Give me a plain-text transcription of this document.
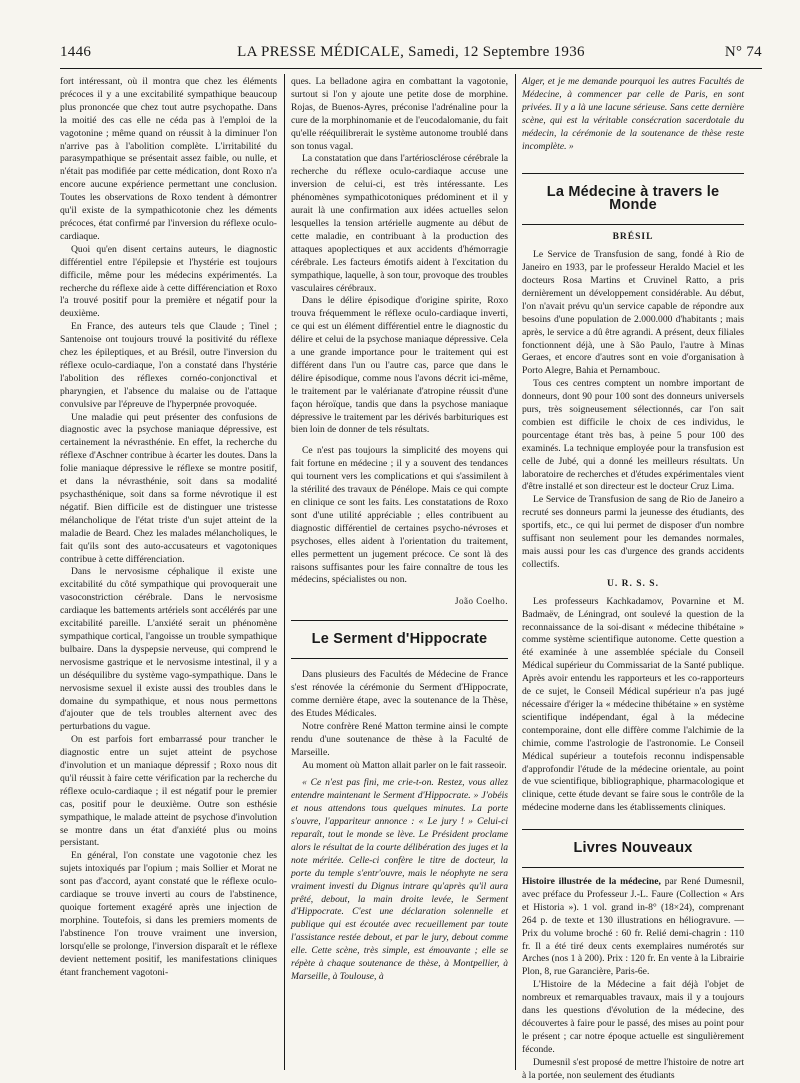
1446	LA PRESSE MÉDICALE, Samedi, 12 Septembre 1936	N° 74

fort intéressant, où il montra que chez les éléments précoces il y a une excitabilité sympathique beaucoup plus prononcée que chez tout autre psychopathe. Dans la moitié des cas elle ne céda pas à l'emploi de la vagotonine ; même quand on réussit à la diminuer l'on n'arrive pas à l'abolition complète. L'irritabilité du parasympathique se présentait assez faible, ou nulle, et n'était pas modifiée par cette médication, dont Roxo n'a encore aucune expérience permettant une conclusion. Toutes les observations de Roxo tendent à démontrer qu'il existe de la sympathicotonie chez les déments précoces, état confirmé par l'inversion du réflexe oculo-cardiaque.

Quoi qu'en disent certains auteurs, le diagnostic différentiel entre l'épilepsie et l'hystérie est toujours difficile, même pour les médecins expérimentés. La recherche du réflexe aide à cette différenciation et Roxo l'a trouvé positif pour la première et négatif pour la deuxième.

En France, des auteurs tels que Claude ; Tinel ; Santenoise ont toujours trouvé la positivité du réflexe chez les épileptiques, et au Brésil, outre l'inversion du réflexe oculo-cardiaque, l'on a constaté dans l'hystérie l'abolition des réflexes cornéo-conjonctival et pharyngien, et l'absence du malaise ou de l'attaque convulsive par l'épreuve de l'hyperpnée provoquée.

Une maladie qui peut présenter des confusions de diagnostic avec la psychose maniaque dépressive, est certainement la névrasthénie. En effet, la recherche du réflexe d'Aschner contribue à écarter les doutes. Dans la folie maniaque dépressive le réflexe se montre positif, et dans la névrasthénie, soit dans sa modalité psychasthénique, soit dans sa forme névrotique il est négatif. Bien difficile est de distinguer une tristesse mélancholique de l'état triste d'un sujet atteint de la maladie de Beard. Chez les malades mélancholiques, le fait qu'ils sont des auto-accusateurs et vagotoniques contribue à cette différenciation.

Dans le nervosisme céphalique il existe une excitabilité du côté sympathique qui provoquerait une vasoconstriction cérébrale. Dans le nervosisme cardiaque les battements artériels sont accélérés par une excitabilité pareille. L'anxiété serait un phénomène sympathique cortical, l'angoisse un trouble sympathique bulbaire. Dans la dyspepsie nerveuse, qui comprend le nervosisme gastrique et le nervosisme intestinal, il y a un déséquilibre du système vago-sympathique. Dans le nervosisme sexuel il existe aussi des troubles dans le domaine du sympathique, et nous nous permettons d'ajouter que de tels troubles alternent avec des perturbations du vague.

On est parfois fort embarrassé pour trancher le diagnostic entre un sujet atteint de psychose d'involution et un maniaque dépressif ; Roxo nous dit qu'il réussit à faire cette vérification par la recherche du réflexe oculo-cardiaque ; il est négatif pour le premier cas, positif pour le deuxième. Outre son esthésie sympathique, le malade atteint de psychose d'involution se montre dans un état d'anxiété plus ou moins persistant.

En général, l'on constate une vagotonie chez les sujets intoxiqués par l'opium ; mais Sollier et Morat ne sont pas d'accord, ayant constaté que le réflexe oculo-cardiaque se trouve inverti au cours de l'abstinence, quoique fortement exagéré après une injection de morphine. Toutefois, si dans les premiers moments de l'abstinence l'on trouve vraiment une inversion, lorsqu'elle se prolonge, l'inversion disparaît et le réflexe devient nettement positif, les manifestations cliniques étant franchement vagotoni-

ques. La belladone agira en combattant la vagotonie, surtout si l'on y ajoute une petite dose de morphine. Rojas, de Buenos-Ayres, préconise l'adrénaline pour la cure de la morphinomanie et de l'eucodalomanie, du fait qu'elle rééquilibrerait le système autonome troublé dans son tonus vagal.

La constatation que dans l'artériosclérose cérébrale la recherche du réflexe oculo-cardiaque accuse une inversion de celui-ci, est très intéressante. Les phénomènes sympathicotoniques prédominent et il y aurait là une confirmation aux idées actuelles selon lesquelles la tension artérielle augmente au début de cette maladie, en contribuant à la production des attaques apoplectiques et aux accidents d'hémorragie cérébrale. Les facteurs émotifs aident à l'excitation du sympathique, laquelle, à son tour, provoque des troubles vasculaires cérébraux.

Dans le délire épisodique d'origine spirite, Roxo trouva fréquemment le réflexe oculo-cardiaque inverti, ce qui est un élément différentiel entre le diagnostic du délire et celui de la psychose maniaque dépressive. Cela a une grande importance pour le traitement qui est différent dans l'un ou l'autre cas, parce que dans le délire épisodique, comme nous l'avons décrit ici-même, le traitement par le valérianate d'atropine réussit d'une façon héroïque, tandis que dans la psychose maniaque dépressive le traitement par les dérivés barbituriques est bien loin de donner de tels résultats.

Ce n'est pas toujours la simplicité des moyens qui fait fortune en médecine ; il y a souvent des tendances qui tournent vers les complications et qui s'assimilent à la stérilité des travaux de Pénélope. Mais ce qui compte en clinique ce sont les faits. Les constatations de Roxo sont d'une utilité appréciable ; elles contribuent au diagnostic différentiel de certaines psycho-névroses et psychoses, elles aident à l'orientation du traitement, elles permettent un jugement précoce. Ce sont là des raisons suffisantes pour les faire connaître de tous les médecins, spécialistes ou non.

João Coelho.
Le Serment d'Hippocrate

Dans plusieurs des Facultés de Médecine de France s'est rénovée la cérémonie du Serment d'Hippocrate, comme dernière étape, avec la soutenance de la Thèse, des Etudes Médicales.

Notre confrère René Matton termine ainsi le compte rendu d'une soutenance de thèse à la Faculté de Marseille.

Au moment où Matton allait parler on le fait rasseoir.

« Ce n'est pas fini, me crie-t-on. Restez, vous allez entendre maintenant le Serment d'Hippocrate. » J'obéis et nous attendons tous quelques minutes. La porte s'ouvre, l'appariteur annonce : « Le jury ! » Celui-ci reparaît, tout le monde se lève. Le Président proclame alors le résultat de la courte délibération des juges et la note méritée. Celle-ci confère le titre de docteur, la porte du temple s'entr'ouvre, mais le néophyte ne sera vraiment investi du Dignus intrare qu'après qu'il aura prêté, debout, la main droite levée, le Serment d'Hippocrate. C'est une déclaration solennelle et publique qui est écoutée avec recueillement par toute l'assistance restée debout, et par le jury, debout comme elle. Cette scène, très simple, est émouvante ; elle se répète à chaque soutenance de thèse, à Montpellier, à Marseille, à Toulouse, à

Alger, et je me demande pourquoi les autres Facultés de Médecine, à commencer par celle de Paris, en sont privées. Il y a là une lacune sérieuse. Sans cette dernière scène, qui est la véritable consécration sacerdotale du médecin, la cérémonie de la soutenance de thèse reste incomplète. »
La Médecine à travers le Monde
BRÉSIL

Le Service de Transfusion de sang, fondé à Rio de Janeiro en 1933, par le professeur Heraldo Maciel et les docteurs Rosa Martins et Cruvinel Ratto, a pris dernièrement un développement considérable. Au début, l'on n'avait prévu qu'un service capable de répondre aux besoins d'une population de 2.000.000 d'habitants ; mais après, le service a dû être agrandi. A présent, deux filiales fonctionnent déjà, une à São Paulo, l'autre à Minas Geraes, et encore d'autres sont en voie d'organisation à Porto Alegre, Bahia et Pernambouc.

Tous ces centres comptent un nombre important de donneurs, dont 90 pour 100 sont des donneurs universels purs, très soigneusement sélectionnés, car l'on sait combien est difficile le choix de ces individus, le pourcentage étant très bas, à peine 5 pour 100 des examinés. La technique employée pour la transfusion est celle de Jubé, qui a donné les meilleurs résultats. Un laboratoire de recherches et d'études expérimentales vient d'être installé et son directeur est le docteur Cruz Lima.

Le Service de Transfusion de sang de Rio de Janeiro a recruté ses donneurs parmi la jeunesse des étudiants, des sportifs, etc., ce qui lui permet de disposer d'un nombre suffisant non seulement pour les demandes normales, mais aussi pour les cas d'urgence des grands accidents collectifs.

U. R. S. S.

Les professeurs Kachkadamov, Povarnine et M. Badmaëv, de Léningrad, ont soulevé la question de la reconnaissance de la soi-disant « médecine thibétaine » comme système scientifique autonome. Cette question a été examinée à une assemblée spéciale du Conseil Médical supérieur du Commissariat de la Santé publique. Après avoir entendu les rapporteurs et les co-rapporteurs de ce sujet, le Conseil Médical supérieur n'a pas jugé nécessaire d'ériger la « médecine thibétaine » en système scientifique indépendant, égal à la médecine contemporaine, dont elle diffère comme l'alchimie de la chimie, comme l'astrologie de l'astronomie. Le Conseil Médical supérieur a toutefois reconnu indispensable d'approfondir l'étude de la médecine orientale, au point de vue scientifique, bibliographique, pharmacologique et clinique, cette étude devant se faire sous le contrôle de la médecine moderne dans les établissements cliniques.

Livres Nouveaux

Histoire illustrée de la médecine, par René Dumesnil, avec préface du Professeur J.-L. Faure (Collection « Ars et Historia »). 1 vol. grand in-8° (18×24), comprenant 264 p. de texte et 130 illustrations en héliogravure. — Prix du volume broché : 60 fr. Relié demi-chagrin : 110 fr. Il a été tiré deux cents exemplaires numérotés sur Arches (nos 1 à 200). Prix : 120 fr. En vente à la Librairie Plon, 8, rue Garancière, Paris-6e.

L'Histoire de la Médecine a fait déjà l'objet de nombreux et remarquables travaux, mais il y a toujours dans les questions d'évolution de la médecine, des découvertes à faire pour le passé, des mises au point pour le présent ; car notre époque actuelle est singulièrement féconde.

Dumesnil s'est proposé de mettre l'histoire de notre art à la portée, non seulement des étudiants
